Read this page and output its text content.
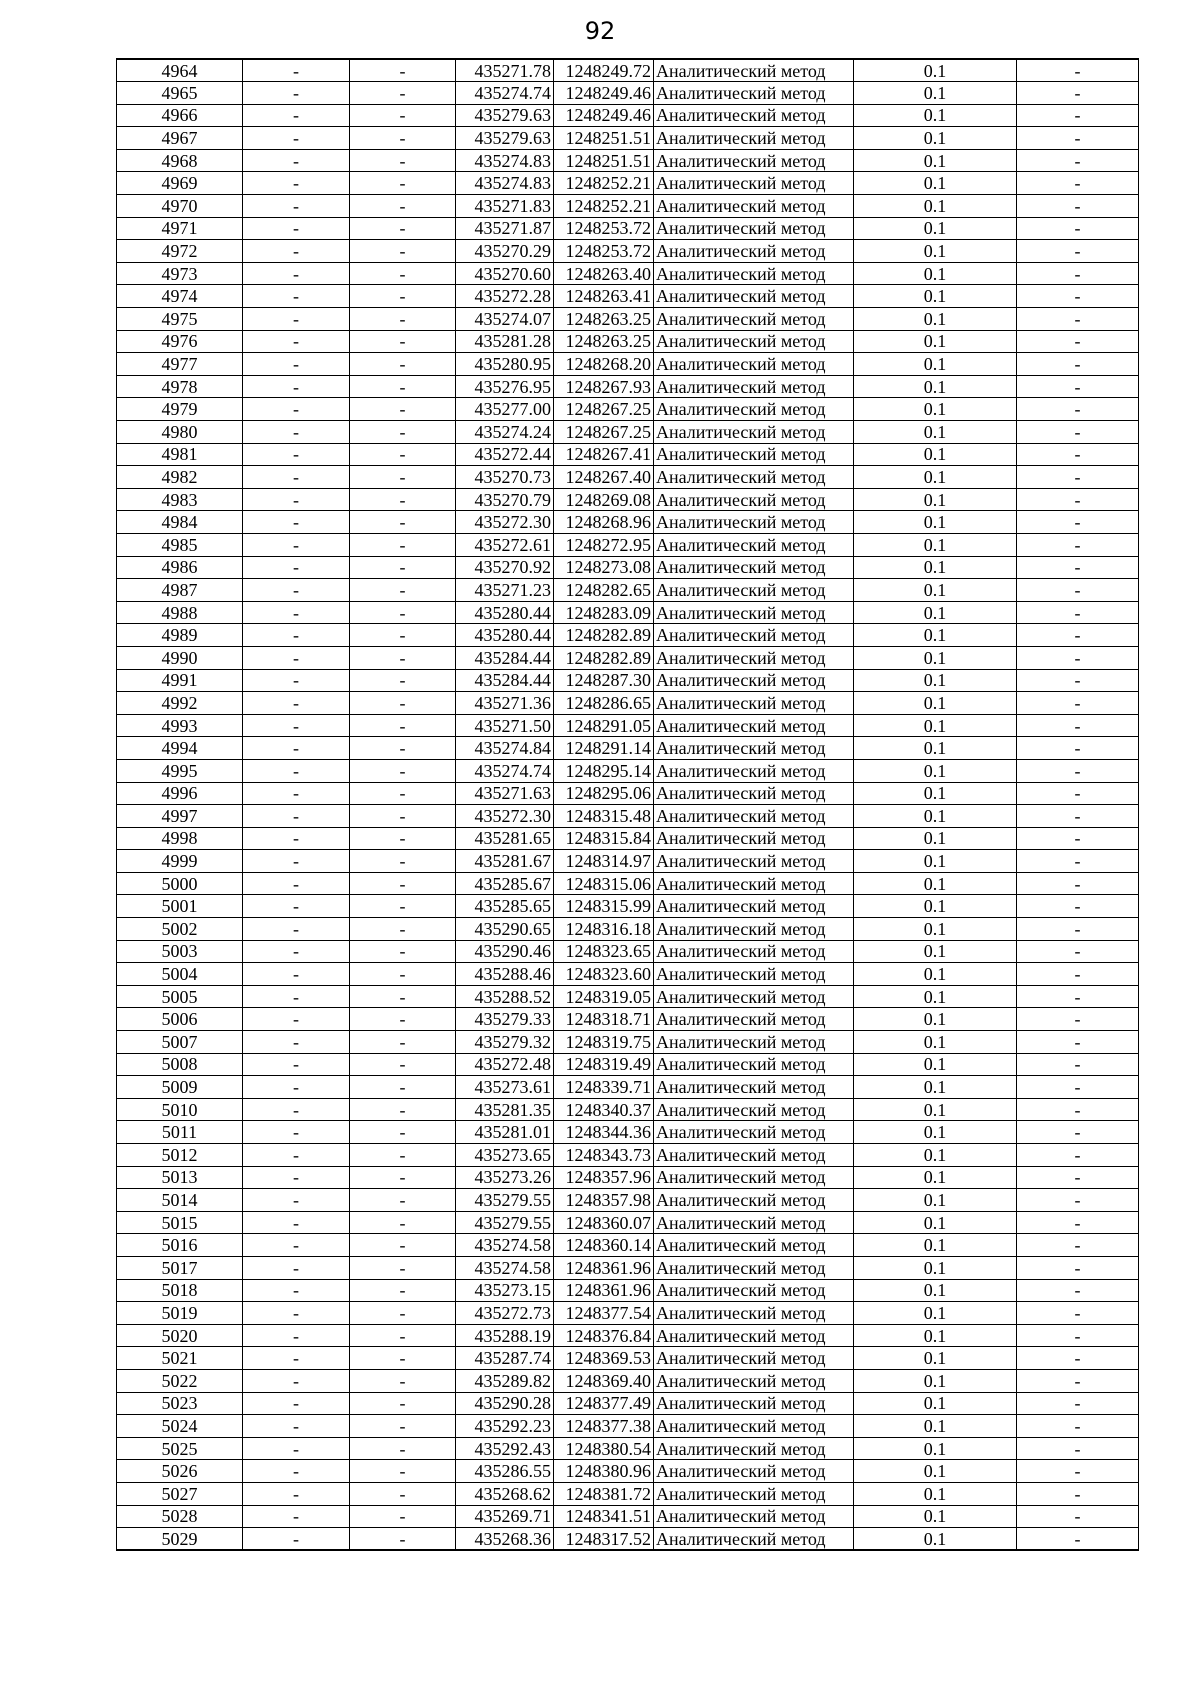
92
4964	-	-	435271.78	1248249.72	Аналитический метод	0.1	-
4965	-	-	435274.74	1248249.46	Аналитический метод	0.1	-
4966	-	-	435279.63	1248249.46	Аналитический метод	0.1	-
4967	-	-	435279.63	1248251.51	Аналитический метод	0.1	-
4968	-	-	435274.83	1248251.51	Аналитический метод	0.1	-
4969	-	-	435274.83	1248252.21	Аналитический метод	0.1	-
4970	-	-	435271.83	1248252.21	Аналитический метод	0.1	-
4971	-	-	435271.87	1248253.72	Аналитический метод	0.1	-
4972	-	-	435270.29	1248253.72	Аналитический метод	0.1	-
4973	-	-	435270.60	1248263.40	Аналитический метод	0.1	-
4974	-	-	435272.28	1248263.41	Аналитический метод	0.1	-
4975	-	-	435274.07	1248263.25	Аналитический метод	0.1	-
4976	-	-	435281.28	1248263.25	Аналитический метод	0.1	-
4977	-	-	435280.95	1248268.20	Аналитический метод	0.1	-
4978	-	-	435276.95	1248267.93	Аналитический метод	0.1	-
4979	-	-	435277.00	1248267.25	Аналитический метод	0.1	-
4980	-	-	435274.24	1248267.25	Аналитический метод	0.1	-
4981	-	-	435272.44	1248267.41	Аналитический метод	0.1	-
4982	-	-	435270.73	1248267.40	Аналитический метод	0.1	-
4983	-	-	435270.79	1248269.08	Аналитический метод	0.1	-
4984	-	-	435272.30	1248268.96	Аналитический метод	0.1	-
4985	-	-	435272.61	1248272.95	Аналитический метод	0.1	-
4986	-	-	435270.92	1248273.08	Аналитический метод	0.1	-
4987	-	-	435271.23	1248282.65	Аналитический метод	0.1	-
4988	-	-	435280.44	1248283.09	Аналитический метод	0.1	-
4989	-	-	435280.44	1248282.89	Аналитический метод	0.1	-
4990	-	-	435284.44	1248282.89	Аналитический метод	0.1	-
4991	-	-	435284.44	1248287.30	Аналитический метод	0.1	-
4992	-	-	435271.36	1248286.65	Аналитический метод	0.1	-
4993	-	-	435271.50	1248291.05	Аналитический метод	0.1	-
4994	-	-	435274.84	1248291.14	Аналитический метод	0.1	-
4995	-	-	435274.74	1248295.14	Аналитический метод	0.1	-
4996	-	-	435271.63	1248295.06	Аналитический метод	0.1	-
4997	-	-	435272.30	1248315.48	Аналитический метод	0.1	-
4998	-	-	435281.65	1248315.84	Аналитический метод	0.1	-
4999	-	-	435281.67	1248314.97	Аналитический метод	0.1	-
5000	-	-	435285.67	1248315.06	Аналитический метод	0.1	-
5001	-	-	435285.65	1248315.99	Аналитический метод	0.1	-
5002	-	-	435290.65	1248316.18	Аналитический метод	0.1	-
5003	-	-	435290.46	1248323.65	Аналитический метод	0.1	-
5004	-	-	435288.46	1248323.60	Аналитический метод	0.1	-
5005	-	-	435288.52	1248319.05	Аналитический метод	0.1	-
5006	-	-	435279.33	1248318.71	Аналитический метод	0.1	-
5007	-	-	435279.32	1248319.75	Аналитический метод	0.1	-
5008	-	-	435272.48	1248319.49	Аналитический метод	0.1	-
5009	-	-	435273.61	1248339.71	Аналитический метод	0.1	-
5010	-	-	435281.35	1248340.37	Аналитический метод	0.1	-
5011	-	-	435281.01	1248344.36	Аналитический метод	0.1	-
5012	-	-	435273.65	1248343.73	Аналитический метод	0.1	-
5013	-	-	435273.26	1248357.96	Аналитический метод	0.1	-
5014	-	-	435279.55	1248357.98	Аналитический метод	0.1	-
5015	-	-	435279.55	1248360.07	Аналитический метод	0.1	-
5016	-	-	435274.58	1248360.14	Аналитический метод	0.1	-
5017	-	-	435274.58	1248361.96	Аналитический метод	0.1	-
5018	-	-	435273.15	1248361.96	Аналитический метод	0.1	-
5019	-	-	435272.73	1248377.54	Аналитический метод	0.1	-
5020	-	-	435288.19	1248376.84	Аналитический метод	0.1	-
5021	-	-	435287.74	1248369.53	Аналитический метод	0.1	-
5022	-	-	435289.82	1248369.40	Аналитический метод	0.1	-
5023	-	-	435290.28	1248377.49	Аналитический метод	0.1	-
5024	-	-	435292.23	1248377.38	Аналитический метод	0.1	-
5025	-	-	435292.43	1248380.54	Аналитический метод	0.1	-
5026	-	-	435286.55	1248380.96	Аналитический метод	0.1	-
5027	-	-	435268.62	1248381.72	Аналитический метод	0.1	-
5028	-	-	435269.71	1248341.51	Аналитический метод	0.1	-
5029	-	-	435268.36	1248317.52	Аналитический метод	0.1	-
